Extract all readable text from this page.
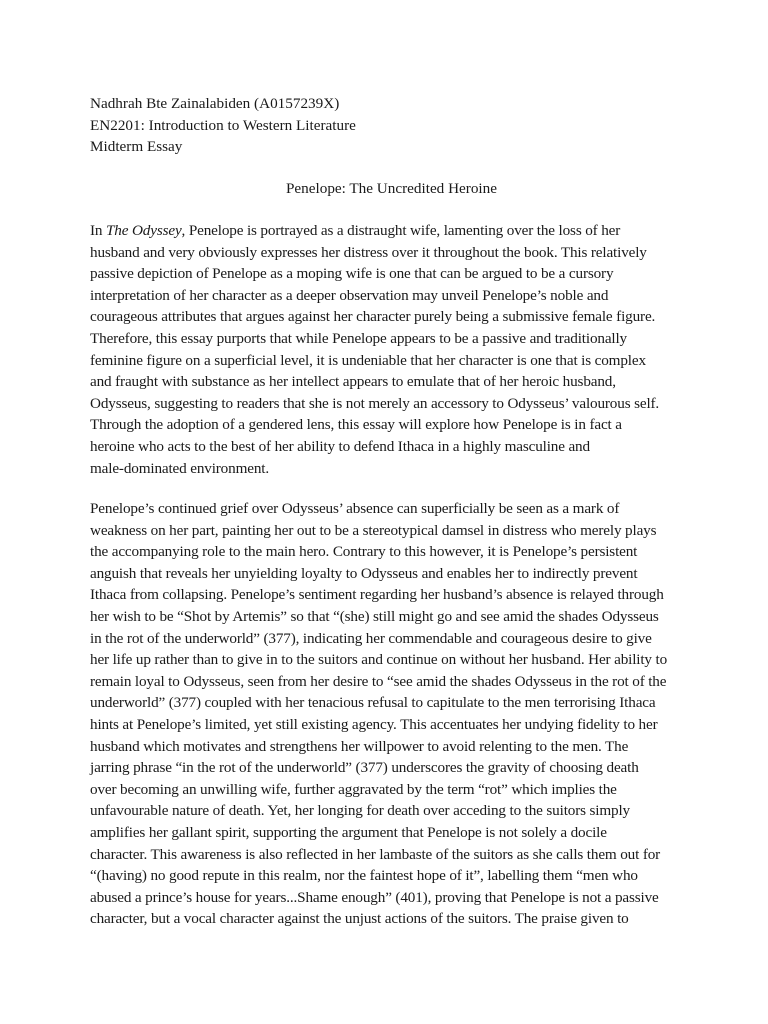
Nadhrah Bte Zainalabiden (A0157239X)
EN2201: Introduction to Western Literature
Midterm Essay
Penelope: The Uncredited Heroine
In The Odyssey, Penelope is portrayed as a distraught wife, lamenting over the loss of her
husband and very obviously expresses her distress over it throughout the book. This relatively
passive depiction of Penelope as a moping wife is one that can be argued to be a cursory
interpretation of her character as a deeper observation may unveil Penelope’s noble and
courageous attributes that argues against her character purely being a submissive female figure.
Therefore, this essay purports that while Penelope appears to be a passive and traditionally
feminine figure on a superficial level, it is undeniable that her character is one that is complex
and fraught with substance as her intellect appears to emulate that of her heroic husband,
Odysseus, suggesting to readers that she is not merely an accessory to Odysseus’ valourous self.
Through the adoption of a gendered lens, this essay will explore how Penelope is in fact a
heroine who acts to the best of her ability to defend Ithaca in a highly masculine and
male-dominated environment.
Penelope’s continued grief over Odysseus’ absence can superficially be seen as a mark of
weakness on her part, painting her out to be a stereotypical damsel in distress who merely plays
the accompanying role to the main hero. Contrary to this however, it is Penelope’s persistent
anguish that reveals her unyielding loyalty to Odysseus and enables her to indirectly prevent
Ithaca from collapsing. Penelope’s sentiment regarding her husband’s absence is relayed through
her wish to be “Shot by Artemis” so that “(she) still might go and see amid the shades Odysseus
in the rot of the underworld” (377), indicating her commendable and courageous desire to give
her life up rather than to give in to the suitors and continue on without her husband. Her ability to
remain loyal to Odysseus, seen from her desire to “see amid the shades Odysseus in the rot of the
underworld” (377) coupled with her tenacious refusal to capitulate to the men terrorising Ithaca
hints at Penelope’s limited, yet still existing agency. This accentuates her undying fidelity to her
husband which motivates and strengthens her willpower to avoid relenting to the men. The
jarring phrase “in the rot of the underworld” (377) underscores the gravity of choosing death
over becoming an unwilling wife, further aggravated by the term “rot” which implies the
unfavourable nature of death. Yet, her longing for death over acceding to the suitors simply
amplifies her gallant spirit, supporting the argument that Penelope is not solely a docile
character. This awareness is also reflected in her lambaste of the suitors as she calls them out for
“(having) no good repute in this realm, nor the faintest hope of it”, labelling them “men who
abused a prince’s house for years...Shame enough” (401), proving that Penelope is not a passive
character, but a vocal character against the unjust actions of the suitors. The praise given to
